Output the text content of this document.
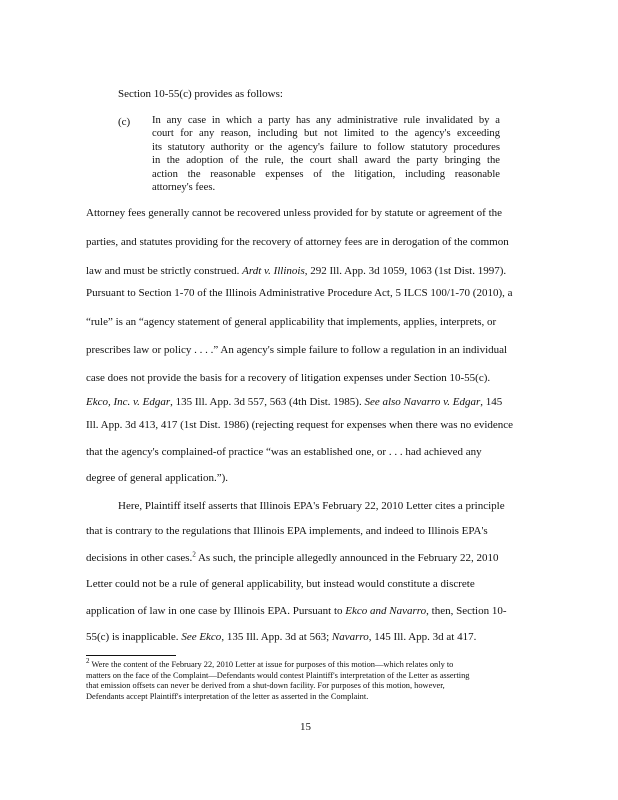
Section 10-55(c) provides as follows:
(c) In any case in which a party has any administrative rule invalidated by a
court for any reason, including but not limited to the agency's exceeding
its statutory authority or the agency's failure to follow statutory procedures
in the adoption of the rule, the court shall award the party bringing the
action the reasonable expenses of the litigation, including reasonable
attorney's fees.
Attorney fees generally cannot be recovered unless provided for by statute or agreement of the
parties, and statutes providing for the recovery of attorney fees are in derogation of the common
law and must be strictly construed. Ardt v. Illinois, 292 Ill. App. 3d 1059, 1063 (1st Dist. 1997).
Pursuant to Section 1-70 of the Illinois Administrative Procedure Act, 5 ILCS 100/1-70 (2010), a
“rule” is an “agency statement of general applicability that implements, applies, interprets, or
prescribes law or policy . . . .” An agency's simple failure to follow a regulation in an individual
case does not provide the basis for a recovery of litigation expenses under Section 10-55(c).
Ekco, Inc. v. Edgar, 135 Ill. App. 3d 557, 563 (4th Dist. 1985). See also Navarro v. Edgar, 145
Ill. App. 3d 413, 417 (1st Dist. 1986) (rejecting request for expenses when there was no evidence
that the agency's complained-of practice “was an established one, or . . . had achieved any
degree of general application.”).
Here, Plaintiff itself asserts that Illinois EPA's February 22, 2010 Letter cites a principle
that is contrary to the regulations that Illinois EPA implements, and indeed to Illinois EPA's
decisions in other cases.$^2$ As such, the principle allegedly announced in the February 22, 2010
Letter could not be a rule of general applicability, but instead would constitute a discrete
application of law in one case by Illinois EPA. Pursuant to Ekco and Navarro, then, Section 10-
55(c) is inapplicable. See Ekco, 135 Ill. App. 3d at 563; Navarro, 145 Ill. App. 3d at 417.
$^2$ Were the content of the February 22, 2010 Letter at issue for purposes of this motion—which relates only to
matters on the face of the Complaint—Defendants would contest Plaintiff's interpretation of the Letter as asserting
that emission offsets can never be derived from a shut-down facility. For purposes of this motion, however,
Defendants accept Plaintiff's interpretation of the letter as asserted in the Complaint.
15
